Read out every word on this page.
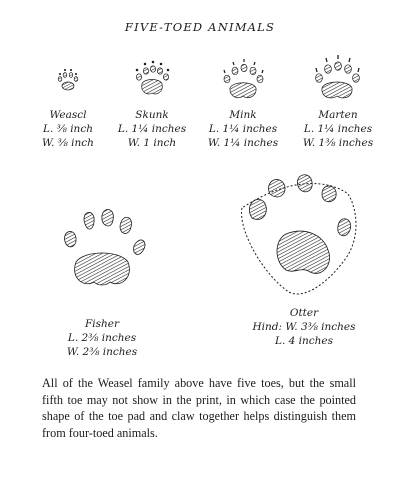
FIVE-TOED ANIMALS
Weascl
L. ⅜ inch
W. ⅜ inch
Skunk
L. 1¼ inches
W. 1 inch
Mink
L. 1¼ inches
W. 1¼ inches
Marten
L. 1¼ inches
W. 1⅜ inches
Fisher
L. 2⅜ inches
W. 2⅜ inches
Otter
Hind: W. 3⅜ inches
L. 4 inches
All of the Weasel family above have five toes, but the small fifth toe may not show in the print, in which case the pointed shape of the toe pad and claw together helps distinguish them from four-toed animals.
